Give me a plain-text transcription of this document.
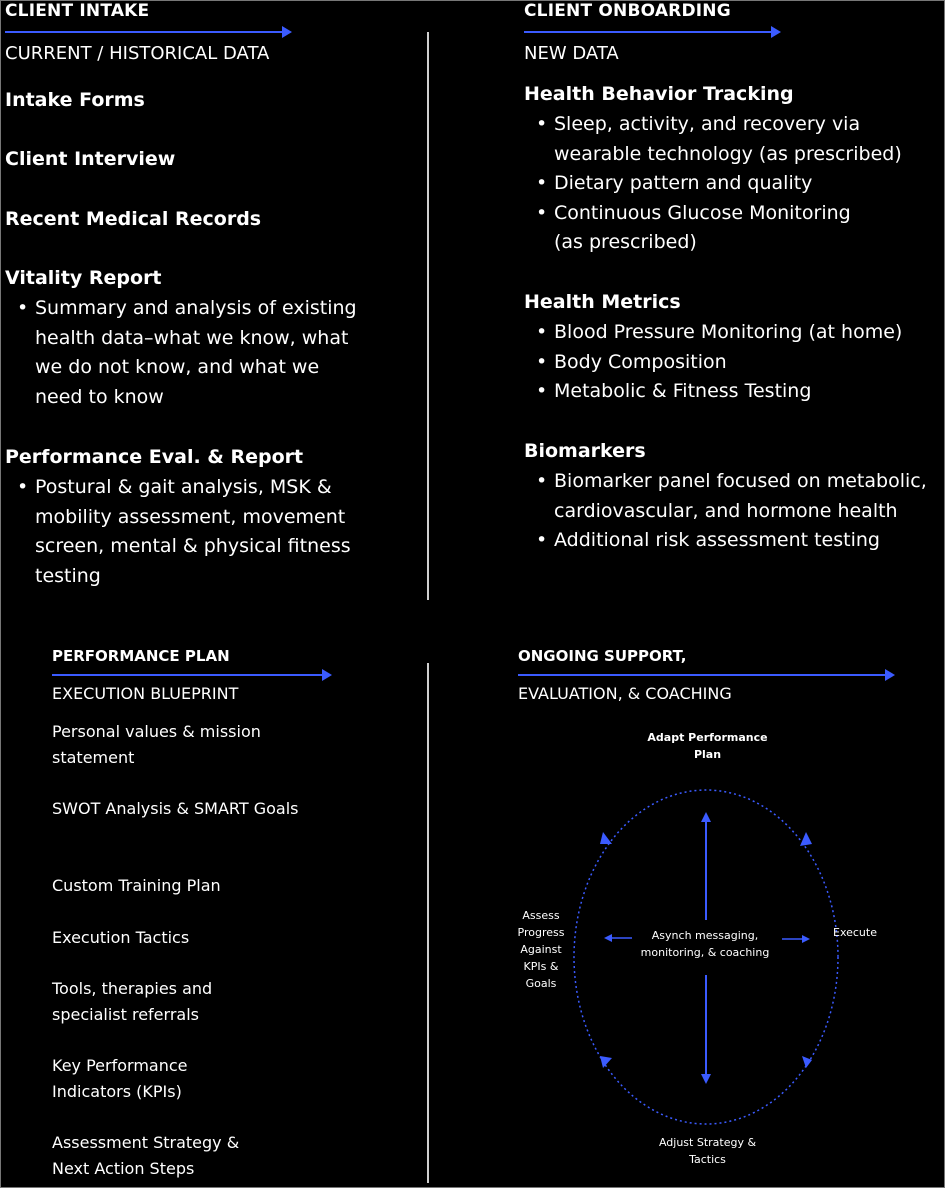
CLIENT INTAKE
CURRENT / HISTORICAL DATA
Intake Forms
Client Interview
Recent Medical Records
Vitality Report
• Summary and analysis of existing health data–what we know, what we do not know, and what we need to know
Performance Eval. & Report
• Postural & gait analysis, MSK & mobility assessment, movement screen, mental & physical fitness testing
CLIENT ONBOARDING
NEW DATA
Health Behavior Tracking
• Sleep, activity, and recovery via wearable technology (as prescribed)
• Dietary pattern and quality
• Continuous Glucose Monitoring (as prescribed)
Health Metrics
• Blood Pressure Monitoring (at home)
• Body Composition
• Metabolic & Fitness Testing
Biomarkers
• Biomarker panel focused on metabolic, cardiovascular, and hormone health
• Additional risk assessment testing
PERFORMANCE PLAN
EXECUTION BLUEPRINT
Personal values & mission statement
SWOT Analysis & SMART Goals
Custom Training Plan
Execution Tactics
Tools, therapies and specialist referrals
Key Performance Indicators (KPIs)
Assessment Strategy & Next Action Steps
ONGOING SUPPORT,
EVALUATION, & COACHING
Adapt Performance Plan
Execute
Adjust Strategy & Tactics
Assess Progress Against KPIs & Goals
Asynch messaging, monitoring, & coaching
